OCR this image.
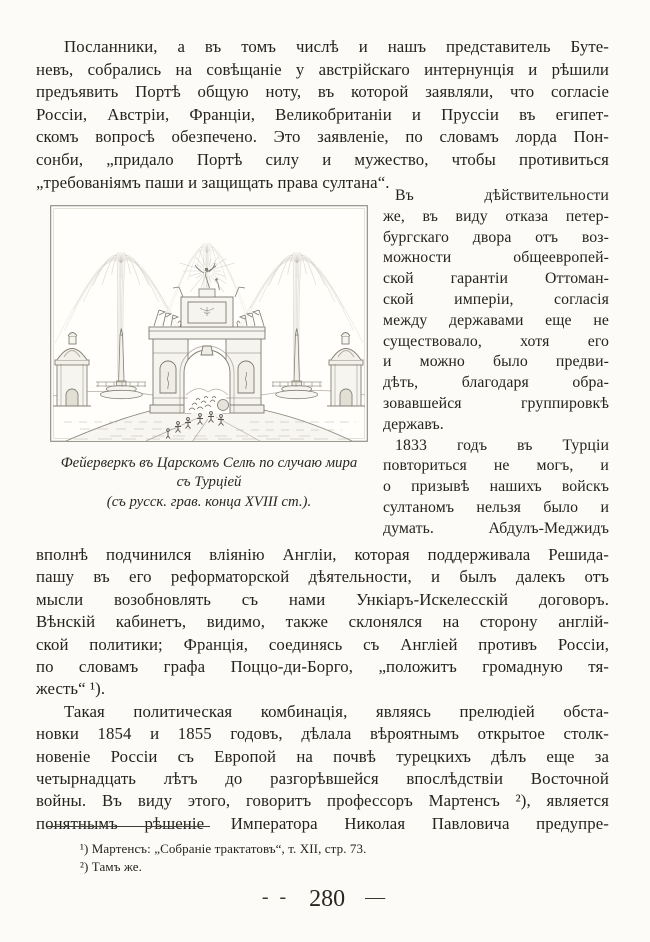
Посланники, а въ томъ числѣ и нашъ представитель Буте-
невъ, собрались на совѣщаніе у австрійскаго интернунція и рѣшили
предъявить Портѣ общую ноту, въ которой заявляли, что согласіе
Россіи, Австріи, Франціи, Великобританіи и Пруссіи въ египет-
скомъ вопросѣ обезпечено. Это заявленіе, по словамъ лорда Пон-
сонби, „придало Портѣ силу и мужество, чтобы противиться
„требованіямъ паши и защищать права султана“.
Фейерверкъ въ Царскомъ Селѣ по случаю мира
съ Турціей
(съ русск. грав. конца XVIII ст.).
Въ дѣйствительности
же, въ виду отказа петер-
бургскаго двора отъ воз-
можности общеевропей-
ской гарантіи Оттоман-
ской имперіи, согласія
между державами еще не
существовало, хотя его
и можно было предви-
дѣть, благодаря обра-
зовавшейся группировкѣ
державъ.
1833 годъ въ Турціи
повториться не могъ, и
о призывѣ нашихъ войскъ
султаномъ нельзя было и
думать. Абдулъ-Меджидъ
вполнѣ подчинился вліянію Англіи, которая поддерживала Решида-
пашу въ его реформаторской дѣятельности, и былъ далекъ отъ
мысли возобновлять съ нами Ункіаръ-Искелесскій договоръ.
Вѣнскій кабинетъ, видимо, также склонялся на сторону англій-
ской политики; Франція, соединясь съ Англіей противъ Россіи,
по словамъ графа Поццо-ди-Борго, „положитъ громадную тя-
жесть“ ¹).
Такая политическая комбинація, являясь прелюдіей обста-
новки 1854 и 1855 годовъ, дѣлала вѣроятнымъ открытое столк-
новеніе Россіи съ Европой на почвѣ турецкихъ дѣлъ еще за
четырнадцать лѣтъ до разгорѣвшейся впослѣдствіи Восточной
войны. Въ виду этого, говоритъ профессоръ Мартенсъ ²), является
понятнымъ рѣшеніе Императора Николая Павловича предупре-
¹) Мартенсъ: „Собраніе трактатовъ“, т. XII, стр. 73.
²) Тамъ же.
- - 280 —
